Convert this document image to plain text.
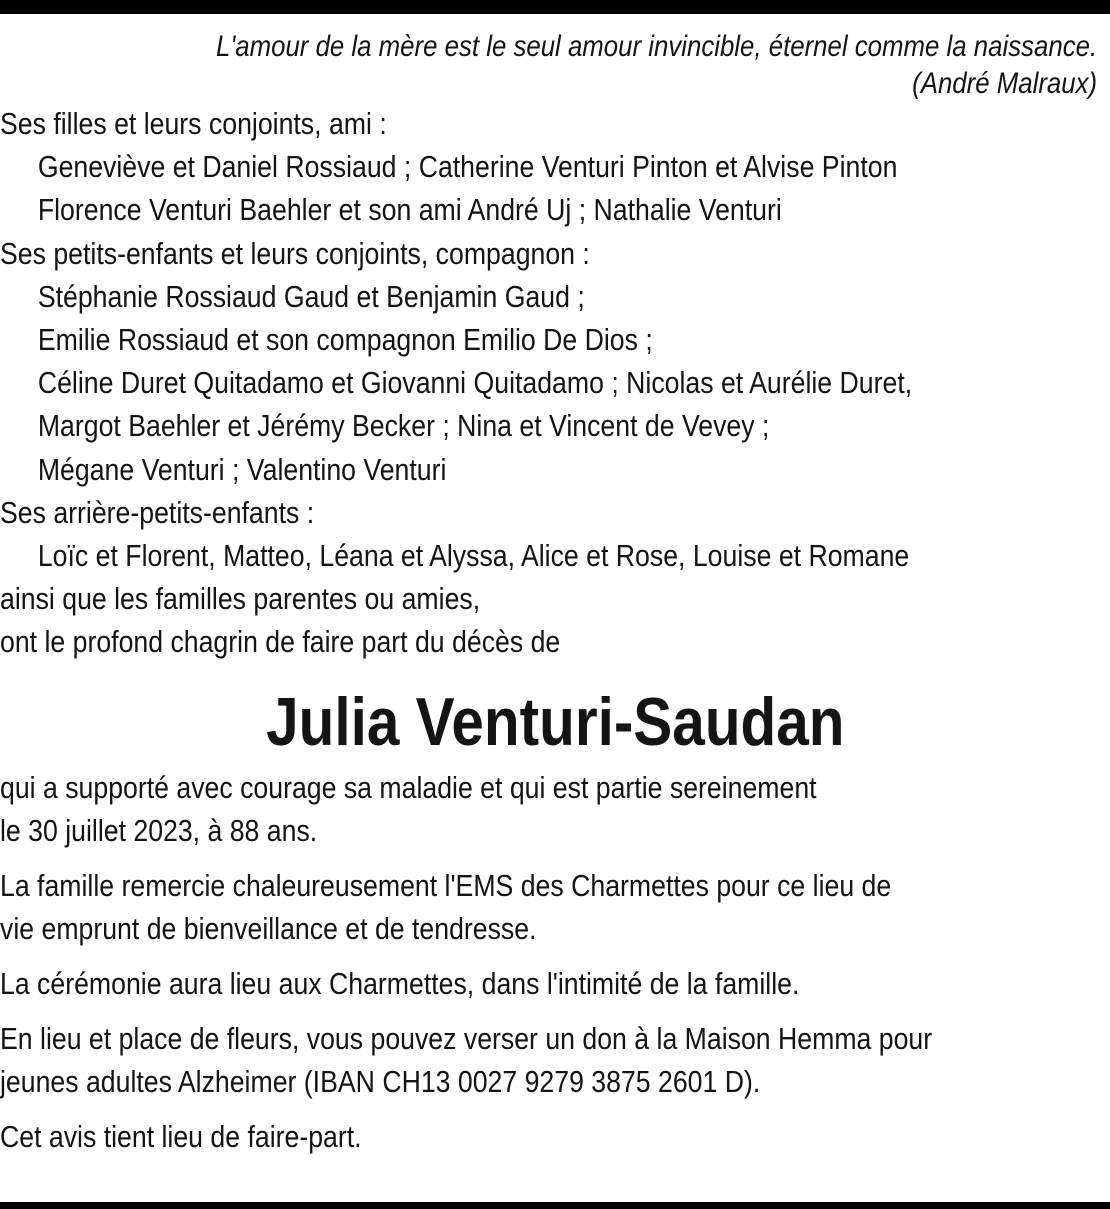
L'amour de la mère est le seul amour invincible, éternel comme la naissance.
(André Malraux)
Ses filles et leurs conjoints, ami :
Geneviève et Daniel Rossiaud ; Catherine Venturi Pinton et Alvise Pinton
Florence Venturi Baehler et son ami André Uj ; Nathalie Venturi
Ses petits-enfants et leurs conjoints, compagnon :
Stéphanie Rossiaud Gaud et Benjamin Gaud ;
Emilie Rossiaud et son compagnon Emilio De Dios ;
Céline Duret Quitadamo et Giovanni Quitadamo ; Nicolas et Aurélie Duret,
Margot Baehler et Jérémy Becker ; Nina et Vincent de Vevey ;
Mégane Venturi ; Valentino Venturi
Ses arrière-petits-enfants :
Loïc et Florent, Matteo, Léana et Alyssa, Alice et Rose, Louise et Romane
ainsi que les familles parentes ou amies,
ont le profond chagrin de faire part du décès de
Julia Venturi-Saudan
qui a supporté avec courage sa maladie et qui est partie sereinement
le 30 juillet 2023, à 88 ans.
La famille remercie chaleureusement l'EMS des Charmettes pour ce lieu de
vie emprunt de bienveillance et de tendresse.
La cérémonie aura lieu aux Charmettes, dans l'intimité de la famille.
En lieu et place de fleurs, vous pouvez verser un don à la Maison Hemma pour
jeunes adultes Alzheimer (IBAN CH13 0027 9279 3875 2601 D).
Cet avis tient lieu de faire-part.
